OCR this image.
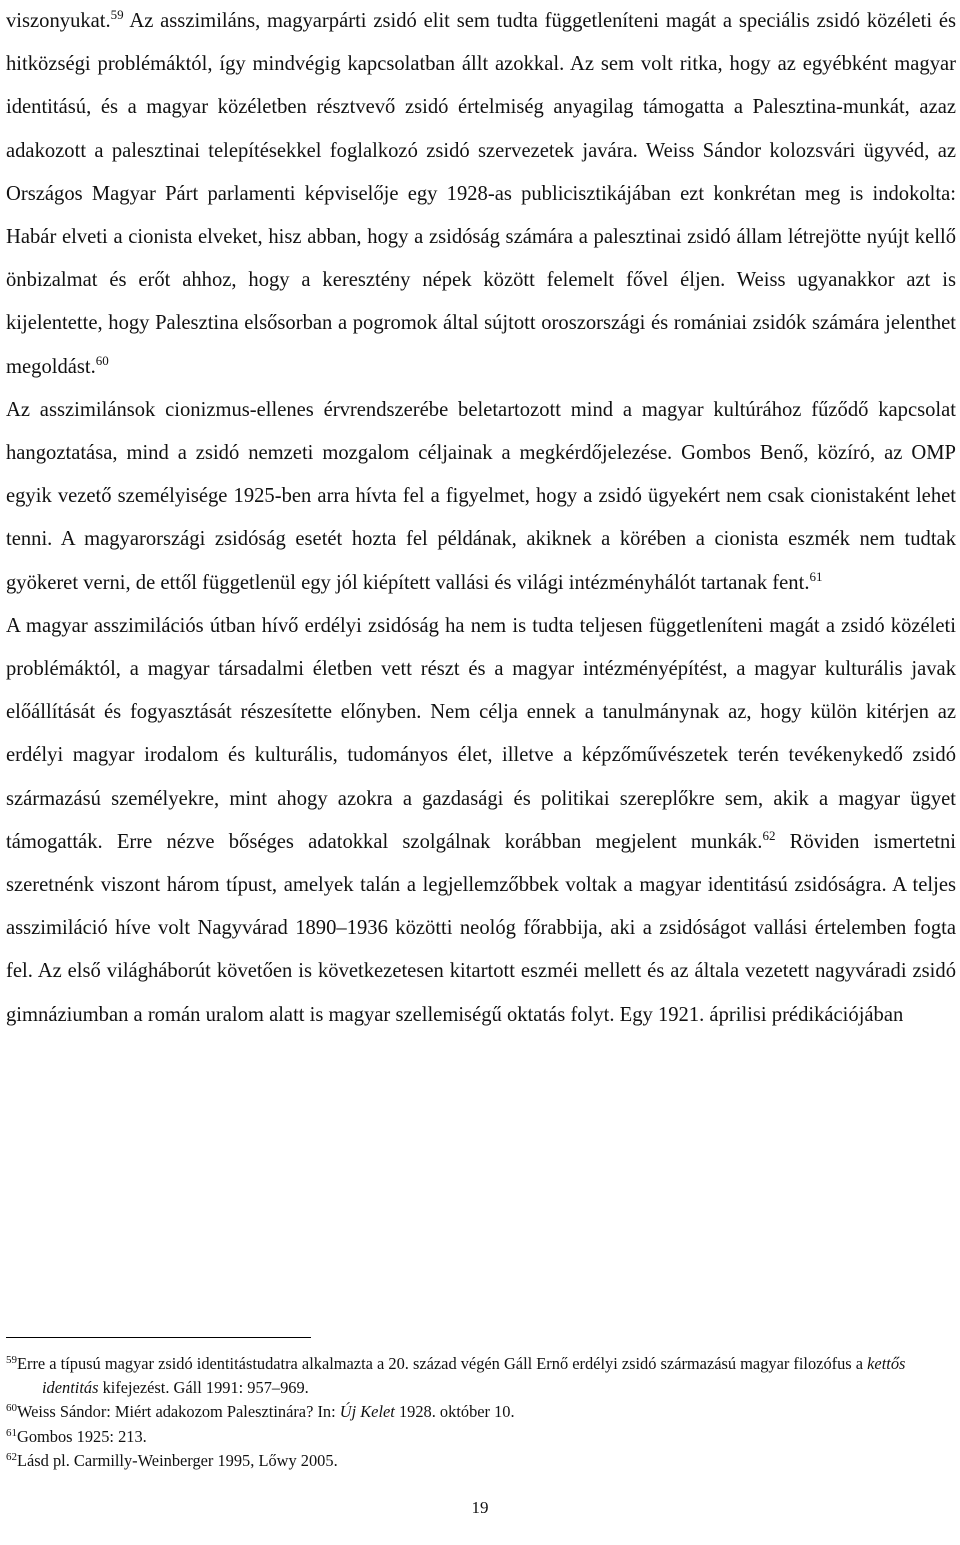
viszonyukat.$^{59}$ Az asszimiláns, magyarpárti zsidó elit sem tudta függetleníteni magát a speciális zsidó közéleti és hitközségi problémáktól, így mindvégig kapcsolatban állt azokkal. Az sem volt ritka, hogy az egyébként magyar identitású, és a magyar közéletben résztvevő zsidó értelmiség anyagilag támogatta a Palesztina-munkát, azaz adakozott a palesztinai telepítésekkel foglalkozó zsidó szervezetek javára. Weiss Sándor kolozsvári ügyvéd, az Országos Magyar Párt parlamenti képviselője egy 1928-as publicisztikájában ezt konkrétan meg is indokolta: Habár elveti a cionista elveket, hisz abban, hogy a zsidóság számára a palesztinai zsidó állam létrejötte nyújt kellő önbizalmat és erőt ahhoz, hogy a keresztény népek között felemelt fővel éljen. Weiss ugyanakkor azt is kijelentette, hogy Palesztina elsősorban a pogromok által sújtott oroszországi és romániai zsidók számára jelenthet megoldást.$^{60}$

Az asszimilánsok cionizmus-ellenes érvrendszerébe beletartozott mind a magyar kultúrához fűződő kapcsolat hangoztatása, mind a zsidó nemzeti mozgalom céljainak a megkérdőjelezése. Gombos Benő, közíró, az OMP egyik vezető személyisége 1925-ben arra hívta fel a figyelmet, hogy a zsidó ügyekért nem csak cionistaként lehet tenni. A magyarországi zsidóság esetét hozta fel példának, akiknek a körében a cionista eszmék nem tudtak gyökeret verni, de ettől függetlenül egy jól kiépített vallási és világi intézményhálót tartanak fent.$^{61}$

A magyar asszimilációs útban hívő erdélyi zsidóság ha nem is tudta teljesen függetleníteni magát a zsidó közéleti problémáktól, a magyar társadalmi életben vett részt és a magyar intézményépítést, a magyar kulturális javak előállítását és fogyasztását részesítette előnyben. Nem célja ennek a tanulmánynak az, hogy külön kitérjen az erdélyi magyar irodalom és kulturális, tudományos élet, illetve a képzőművészetek terén tevékenykedő zsidó származású személyekre, mint ahogy azokra a gazdasági és politikai szereplőkre sem, akik a magyar ügyet támogatták. Erre nézve bőséges adatokkal szolgálnak korábban megjelent munkák.$^{62}$ Röviden ismertetni szeretnénk viszont három típust, amelyek talán a legjellemzőbbek voltak a magyar identitású zsidóságra. A teljes asszimiláció híve volt Nagyvárad 1890–1936 közötti neológ főrabbija, aki a zsidóságot vallási értelemben fogta fel. Az első világháborút követően is következetesen kitartott eszméi mellett és az általa vezetett nagyváradi zsidó gimnáziumban a román uralom alatt is magyar szellemiségű oktatás folyt. Egy 1921. áprilisi prédikációjában

$^{59}$Erre a típusú magyar zsidó identitástudatra alkalmazta a 20. század végén Gáll Ernő erdélyi zsidó származású magyar filozófus a kettős identitás kifejezést. Gáll 1991: 957–969.
$^{60}$Weiss Sándor: Miért adakozom Palesztinára? In: Új Kelet 1928. október 10.
$^{61}$Gombos 1925: 213.
$^{62}$Lásd pl. Carmilly-Weinberger 1995, Lőwy 2005.
19
